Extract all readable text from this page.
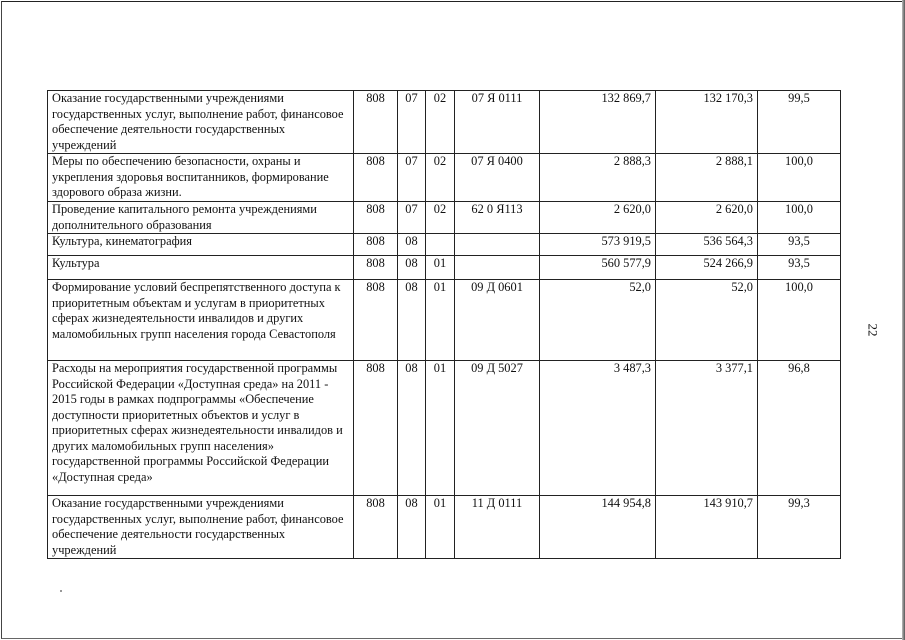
22
Оказание государственными учреждениями государственных услуг, выполнение работ, финансовое обеспечение деятельности государственных учреждений	808	07	02	07 Я 0111	132 869,7	132 170,3	99,5
Меры по обеспечению безопасности, охраны и укрепления здоровья воспитанников, формирование здорового образа жизни.	808	07	02	07 Я 0400	2 888,3	2 888,1	100,0
Проведение капитального ремонта учреждениями дополнительного образования	808	07	02	62 0 Я113	2 620,0	2 620,0	100,0
Культура, кинематография	808	08			573 919,5	536 564,3	93,5
Культура	808	08	01		560 577,9	524 266,9	93,5
Формирование условий беспрепятственного доступа к приоритетным объектам и услугам в приоритетных сферах жизнедеятельности инвалидов и других маломобильных групп населения города Севастополя	808	08	01	09 Д 0601	52,0	52,0	100,0
Расходы на мероприятия государственной программы Российской Федерации «Доступная среда» на 2011 - 2015 годы в рамках подпрограммы «Обеспечение доступности приоритетных объектов и услуг в приоритетных сферах жизнедеятельности инвалидов и других маломобильных групп населения» государственной программы Российской Федерации «Доступная среда»	808	08	01	09 Д 5027	3 487,3	3 377,1	96,8
Оказание государственными учреждениями государственных услуг, выполнение работ, финансовое обеспечение деятельности государственных учреждений	808	08	01	11 Д 0111	144 954,8	143 910,7	99,3
